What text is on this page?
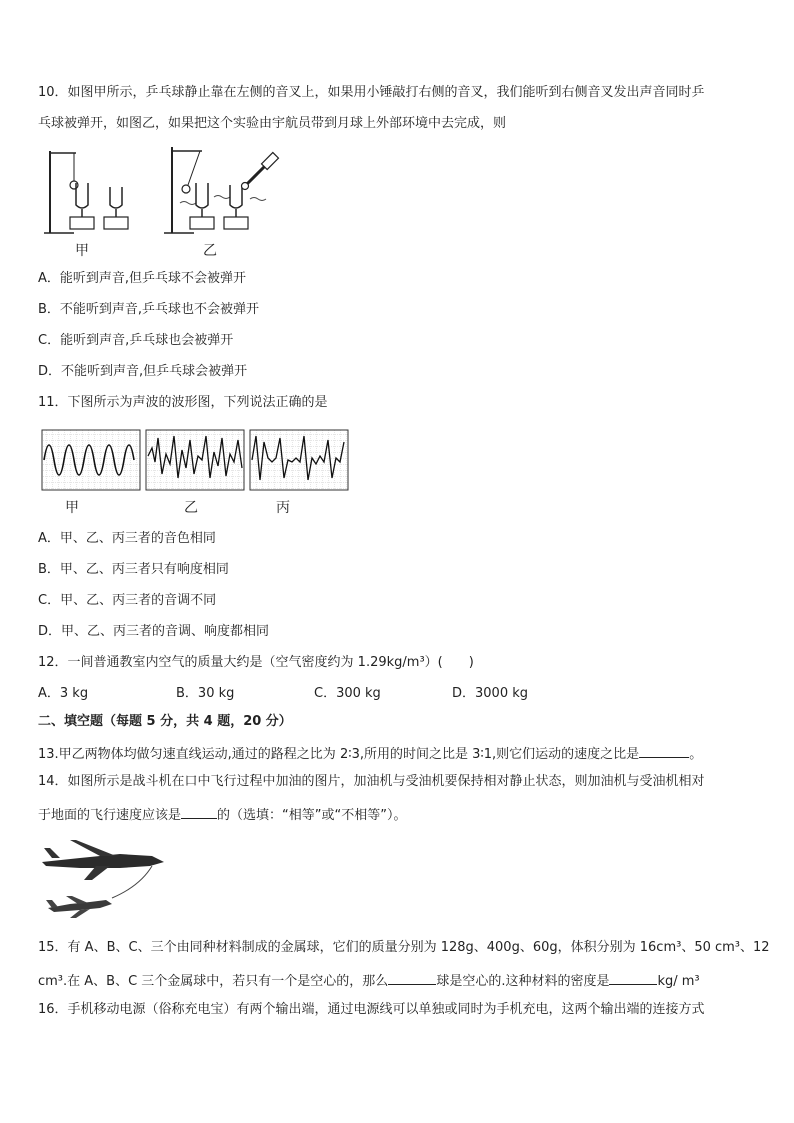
10．如图甲所示，乒乓球静止靠在左侧的音叉上，如果用小锤敲打右侧的音叉，我们能听到右侧音叉发出声音同时乒
乓球被弹开，如图乙，如果把这个实验由宇航员带到月球上外部环境中去完成，则
甲	乙
A．能听到声音,但乒乓球不会被弹开
B．不能听到声音,乒乓球也不会被弹开
C．能听到声音,乒乓球也会被弹开
D．不能听到声音,但乒乓球会被弹开
11．下图所示为声波的波形图，下列说法正确的是
甲	乙	丙
A．甲、乙、丙三者的音色相同
B．甲、乙、丙三者只有响度相同
C．甲、乙、丙三者的音调不同
D．甲、乙、丙三者的音调、响度都相同
12．一间普通教室内空气的质量大约是（空气密度约为 1.29kg/m³）(　　)
A．3 kg	B．30 kg	C．300 kg	D．3000 kg
二、填空题（每题 5 分，共 4 题，20 分）
13.甲乙两物体均做匀速直线运动,通过的路程之比为 2∶3,所用的时间之比是 3∶1,则它们运动的速度之比是	。
14．如图所示是战斗机在口中飞行过程中加油的图片，加油机与受油机要保持相对静止状态，则加油机与受油机相对
于地面的飞行速度应该是	的（选填：“相等”或“不相等”）。
15．有 A、B、C、三个由同种材料制成的金属球，它们的质量分别为 128g、400g、60g，体积分别为 16cm³、50 cm³、12
cm³.在 A、B、C 三个金属球中，若只有一个是空心的，那么	球是空心的.这种材料的密度是	kg/ m³
16．手机移动电源（俗称充电宝）有两个输出端，通过电源线可以单独或同时为手机充电，这两个输出端的连接方式
